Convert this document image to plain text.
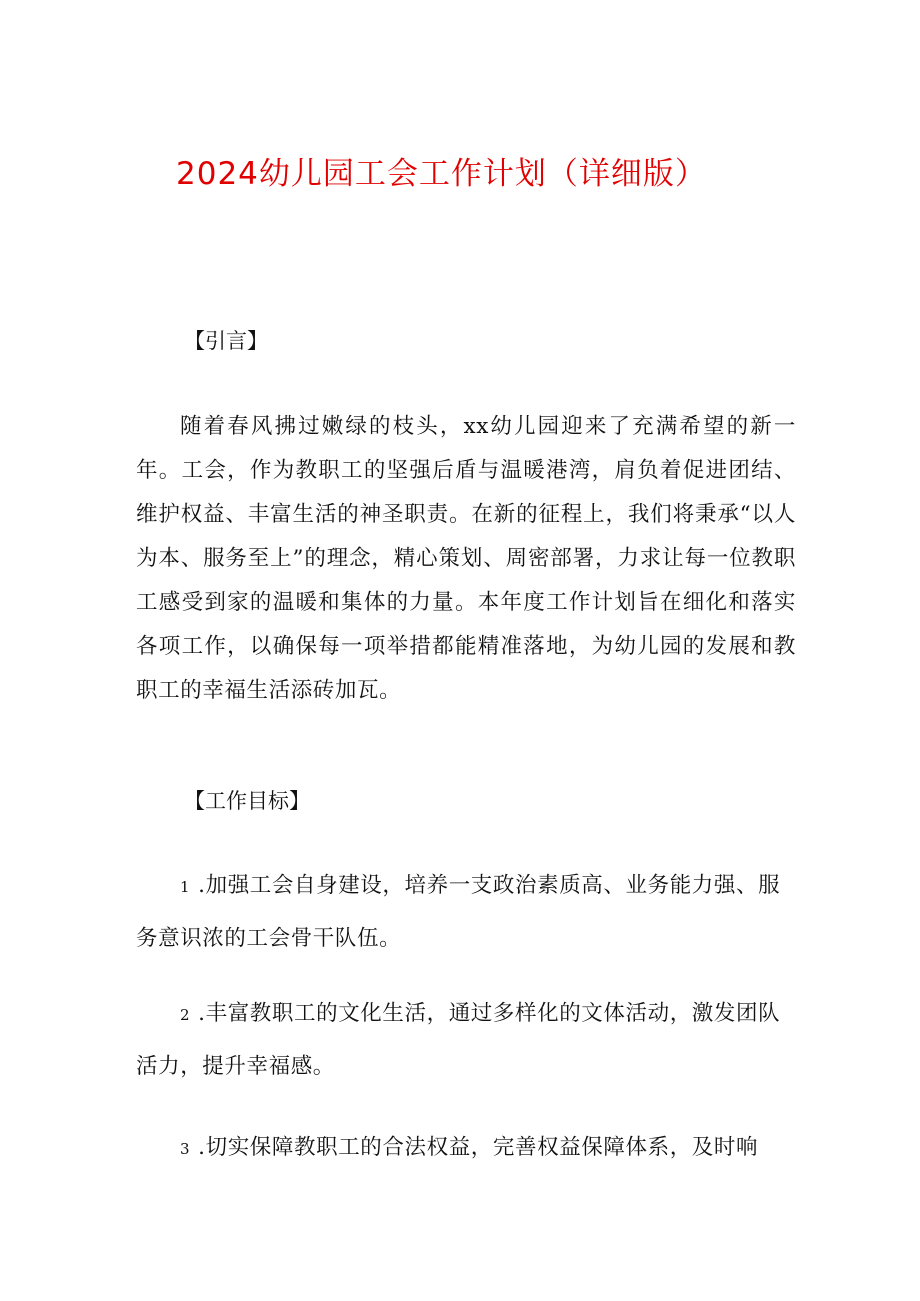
2024幼儿园工会工作计划（详细版）
【引言】
随着春风拂过嫩绿的枝头，xx幼儿园迎来了充满希望的新一年。工会，作为教职工的坚强后盾与温暖港湾，肩负着促进团结、维护权益、丰富生活的神圣职责。在新的征程上，我们将秉承“以人为本、服务至上”的理念，精心策划、周密部署，力求让每一位教职工感受到家的温暖和集体的力量。本年度工作计划旨在细化和落实各项工作，以确保每一项举措都能精准落地，为幼儿园的发展和教职工的幸福生活添砖加瓦。
【工作目标】
1 .加强工会自身建设，培养一支政治素质高、业务能力强、服务意识浓的工会骨干队伍。
2 .丰富教职工的文化生活，通过多样化的文体活动，激发团队活力，提升幸福感。
3 .切实保障教职工的合法权益，完善权益保障体系，及时响
